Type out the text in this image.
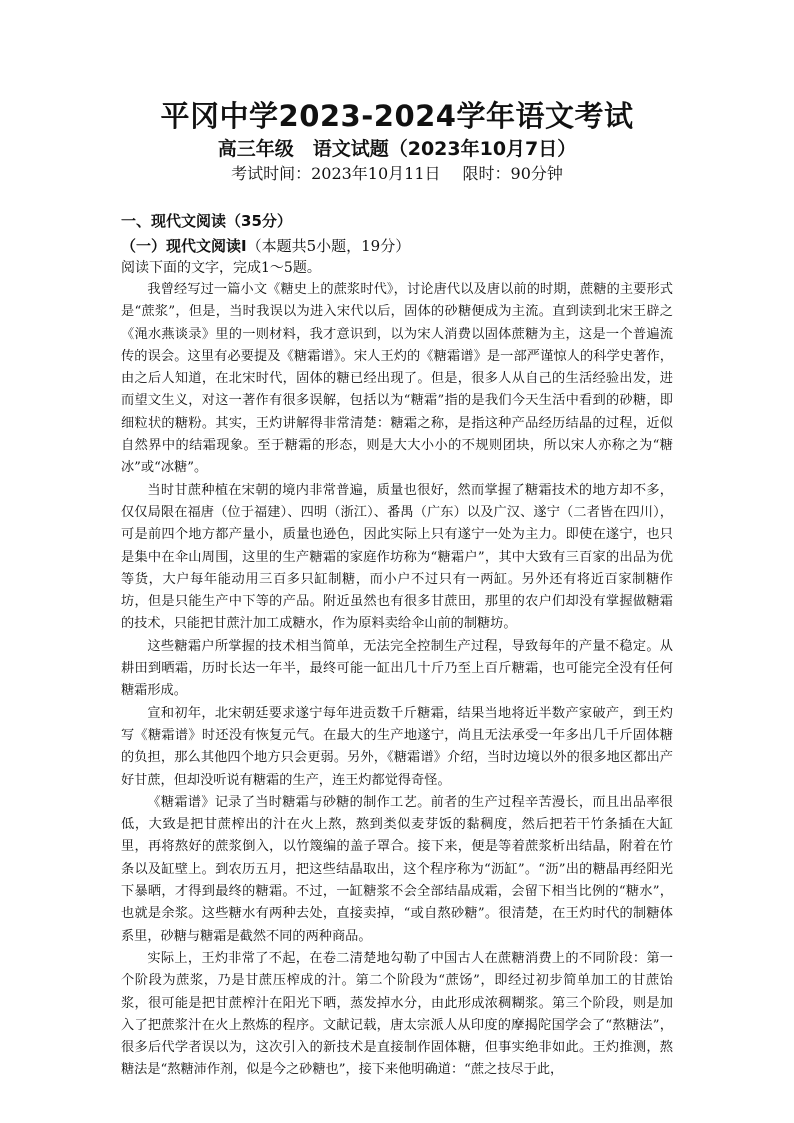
平冈中学2023-2024学年语文考试
高三年级　语文试题（2023年10月7日）
考试时间：2023年10月11日 限时：90分钟
一、现代文阅读（35分）
（一）现代文阅读Ⅰ（本题共5小题，19分）
阅读下面的文字，完成1～5题。

我曾经写过一篇小文《糖史上的蔗浆时代》，讨论唐代以及唐以前的时期，蔗糖的主要形式是“蔗浆”，但是，当时我误以为进入宋代以后，固体的砂糖便成为主流。直到读到北宋王辟之《渑水燕谈录》里的一则材料，我才意识到，以为宋人消费以固体蔗糖为主，这是一个普遍流传的误会。这里有必要提及《糖霜谱》。宋人王灼的《糖霜谱》是一部严谨惊人的科学史著作，由之后人知道，在北宋时代，固体的糖已经出现了。但是，很多人从自己的生活经验出发，进而望文生义，对这一著作有很多误解，包括以为“糖霜”指的是我们今天生活中看到的砂糖，即细粒状的糖粉。其实，王灼讲解得非常清楚：糖霜之称，是指这种产品经历结晶的过程，近似自然界中的结霜现象。至于糖霜的形态，则是大大小小的不规则团块，所以宋人亦称之为“糖冰”或“冰糖”。

当时甘蔗种植在宋朝的境内非常普遍，质量也很好，然而掌握了糖霜技术的地方却不多，仅仅局限在福唐（位于福建）、四明（浙江）、番禺（广东）以及广汉、遂宁（二者皆在四川），可是前四个地方都产量小，质量也逊色，因此实际上只有遂宁一处为主力。即使在遂宁，也只是集中在伞山周围，这里的生产糖霜的家庭作坊称为“糖霜户”，其中大致有三百家的出品为优等货，大户每年能动用三百多只缸制糖，而小户不过只有一两缸。另外还有将近百家制糖作坊，但是只能生产中下等的产品。附近虽然也有很多甘蔗田，那里的农户们却没有掌握做糖霜的技术，只能把甘蔗汁加工成糖水，作为原料卖给伞山前的制糖坊。

这些糖霜户所掌握的技术相当简单，无法完全控制生产过程，导致每年的产量不稳定。从耕田到晒霜，历时长达一年半，最终可能一缸出几十斤乃至上百斤糖霜，也可能完全没有任何糖霜形成。

宣和初年，北宋朝廷要求遂宁每年进贡数千斤糖霜，结果当地将近半数产家破产，到王灼写《糖霜谱》时还没有恢复元气。在最大的生产地遂宁，尚且无法承受一年多出几千斤固体糖的负担，那么其他四个地方只会更弱。另外，《糖霜谱》介绍，当时边境以外的很多地区都出产好甘蔗，但却没听说有糖霜的生产，连王灼都觉得奇怪。

《糖霜谱》记录了当时糖霜与砂糖的制作工艺。前者的生产过程辛苦漫长，而且出品率很低，大致是把甘蔗榨出的汁在火上熬，熬到类似麦芽饭的黏稠度，然后把若干竹条插在大缸里，再将熬好的蔗浆倒入，以竹篾编的盖子罩合。接下来，便是等着蔗浆析出结晶，附着在竹条以及缸壁上。到农历五月，把这些结晶取出，这个程序称为“沥缸”。“沥”出的糖晶再经阳光下暴晒，才得到最终的糖霜。不过，一缸糖浆不会全部结晶成霜，会留下相当比例的“糖水”，也就是余浆。这些糖水有两种去处，直接卖掉，“或自熬砂糖”。很清楚，在王灼时代的制糖体系里，砂糖与糖霜是截然不同的两种商品。

实际上，王灼非常了不起，在卷二清楚地勾勒了中国古人在蔗糖消费上的不同阶段：第一个阶段为蔗浆，乃是甘蔗压榨成的汁。第二个阶段为“蔗饧”，即经过初步简单加工的甘蔗饴浆，很可能是把甘蔗榨汁在阳光下晒，蒸发掉水分，由此形成浓稠糊浆。第三个阶段，则是加入了把蔗浆汁在火上熬炼的程序。文献记载，唐太宗派人从印度的摩揭陀国学会了“熬糖法”，很多后代学者误以为，这次引入的新技术是直接制作固体糖，但事实绝非如此。王灼推测，熬糖法是“熬糖沛作剂，似是今之砂糖也”，接下来他明确道：“蔗之技尽于此，
